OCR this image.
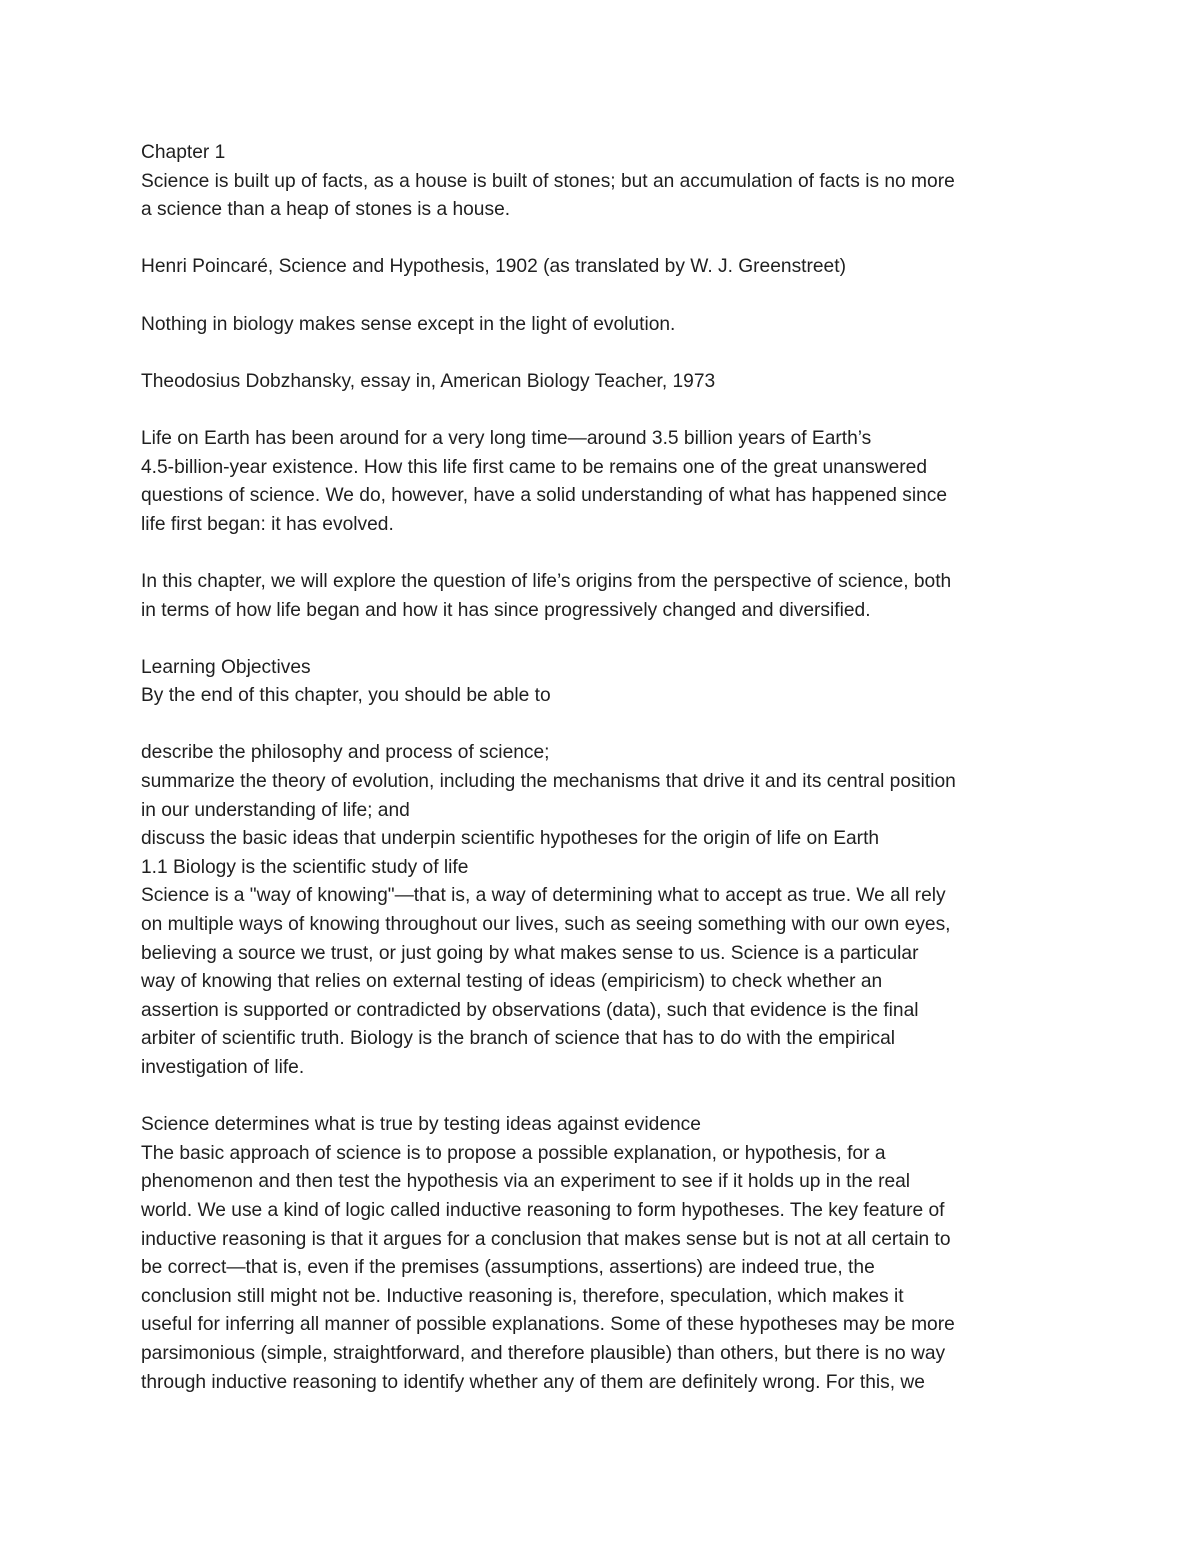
Chapter 1
Science is built up of facts, as a house is built of stones; but an accumulation of facts is no more
a science than a heap of stones is a house.
Henri Poincaré, Science and Hypothesis, 1902 (as translated by W. J. Greenstreet)
Nothing in biology makes sense except in the light of evolution.
Theodosius Dobzhansky, essay in, American Biology Teacher, 1973
Life on Earth has been around for a very long time—around 3.5 billion years of Earth’s
4.5-billion-year existence. How this life first came to be remains one of the great unanswered
questions of science. We do, however, have a solid understanding of what has happened since
life first began: it has evolved.
In this chapter, we will explore the question of life’s origins from the perspective of science, both
in terms of how life began and how it has since progressively changed and diversified.
Learning Objectives
By the end of this chapter, you should be able to
describe the philosophy and process of science;
summarize the theory of evolution, including the mechanisms that drive it and its central position
in our understanding of life; and
discuss the basic ideas that underpin scientific hypotheses for the origin of life on Earth
1.1 Biology is the scientific study of life
Science is a "way of knowing"—that is, a way of determining what to accept as true. We all rely
on multiple ways of knowing throughout our lives, such as seeing something with our own eyes,
believing a source we trust, or just going by what makes sense to us. Science is a particular
way of knowing that relies on external testing of ideas (empiricism) to check whether an
assertion is supported or contradicted by observations (data), such that evidence is the final
arbiter of scientific truth. Biology is the branch of science that has to do with the empirical
investigation of life.
Science determines what is true by testing ideas against evidence
The basic approach of science is to propose a possible explanation, or hypothesis, for a
phenomenon and then test the hypothesis via an experiment to see if it holds up in the real
world. We use a kind of logic called inductive reasoning to form hypotheses. The key feature of
inductive reasoning is that it argues for a conclusion that makes sense but is not at all certain to
be correct—that is, even if the premises (assumptions, assertions) are indeed true, the
conclusion still might not be. Inductive reasoning is, therefore, speculation, which makes it
useful for inferring all manner of possible explanations. Some of these hypotheses may be more
parsimonious (simple, straightforward, and therefore plausible) than others, but there is no way
through inductive reasoning to identify whether any of them are definitely wrong. For this, we
